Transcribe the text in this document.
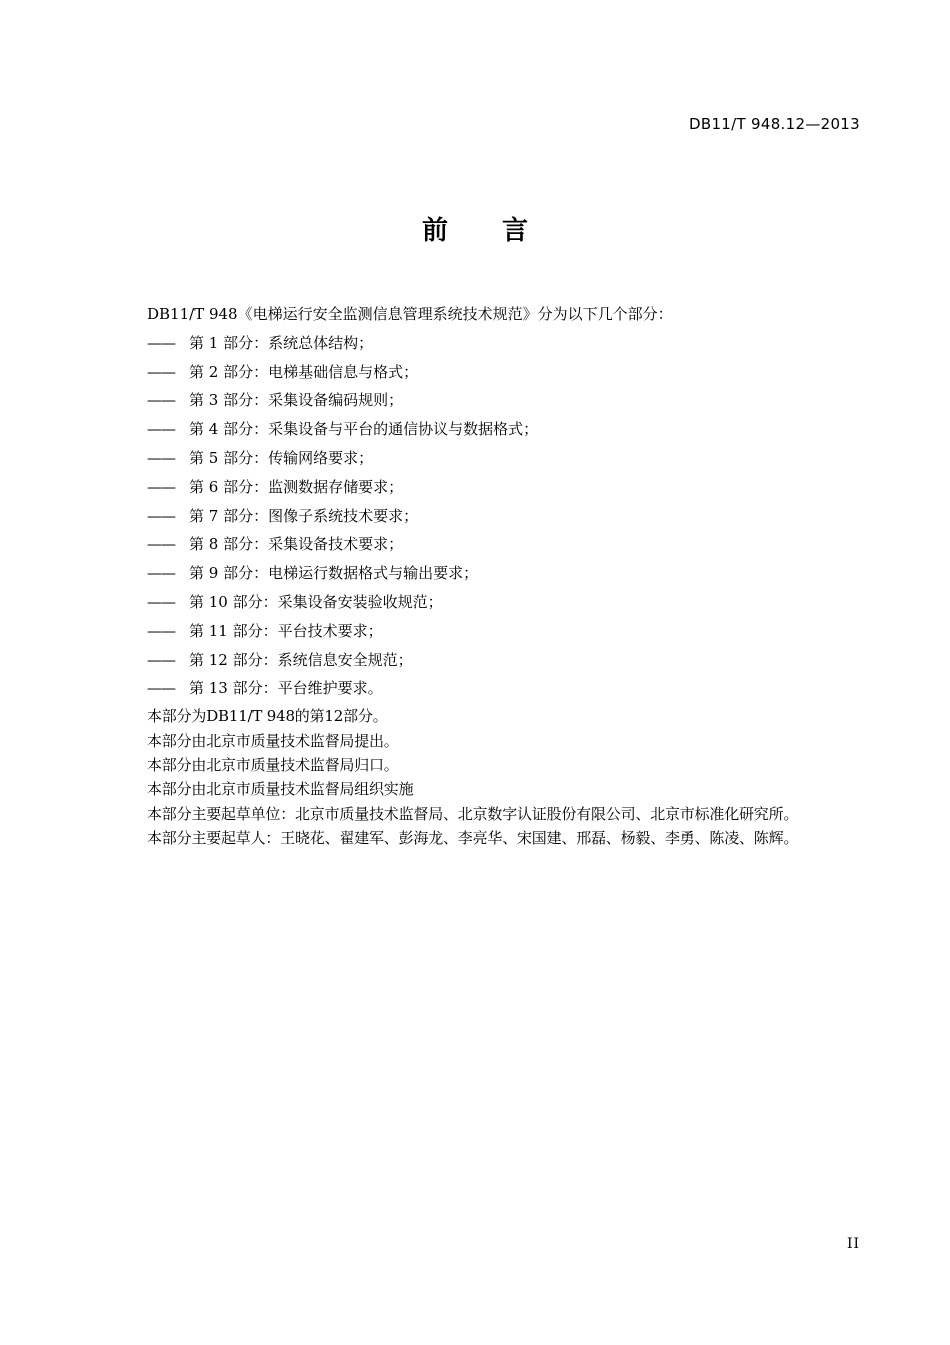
DB11/T 948.12—2013
前言
DB11/T 948《电梯运行安全监测信息管理系统技术规范》分为以下几个部分：
—— 第 1 部分：系统总体结构；
—— 第 2 部分：电梯基础信息与格式；
—— 第 3 部分：采集设备编码规则；
—— 第 4 部分：采集设备与平台的通信协议与数据格式；
—— 第 5 部分：传输网络要求；
—— 第 6 部分：监测数据存储要求；
—— 第 7 部分：图像子系统技术要求；
—— 第 8 部分：采集设备技术要求；
—— 第 9 部分：电梯运行数据格式与输出要求；
—— 第 10 部分：采集设备安装验收规范；
—— 第 11 部分：平台技术要求；
—— 第 12 部分：系统信息安全规范；
—— 第 13 部分：平台维护要求。
本部分为DB11/T 948的第12部分。
本部分由北京市质量技术监督局提出。
本部分由北京市质量技术监督局归口。
本部分由北京市质量技术监督局组织实施
本部分主要起草单位：北京市质量技术监督局、北京数字认证股份有限公司、北京市标准化研究所。
本部分主要起草人：王晓花、翟建军、彭海龙、李亮华、宋国建、邢磊、杨毅、李勇、陈凌、陈辉。
II
